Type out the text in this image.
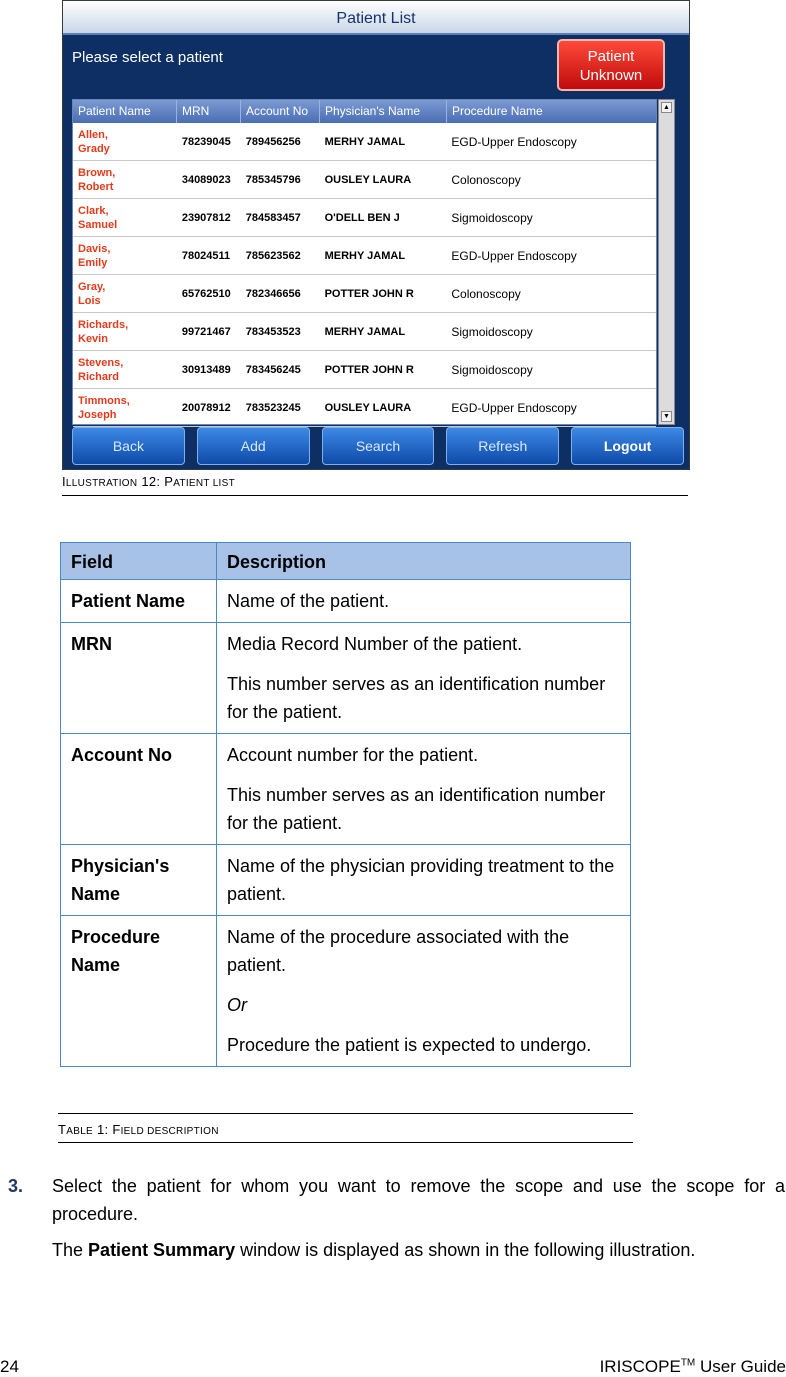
Patient List
Please select a patient	Patient
Unknown
Patient Name	MRN	Account No	Physician's Name	Procedure Name
Allen,
Grady
78239045	789456256	MERHY JAMAL	EGD-Upper Endoscopy
Brown,
Robert
34089023	785345796	OUSLEY LAURA	Colonoscopy
Clark,
Samuel
23907812	784583457	O'DELL BEN J	Sigmoidoscopy
Davis,
Emily
78024511	785623562	MERHY JAMAL	EGD-Upper Endoscopy
Gray,
Lois
65762510	782346656	POTTER JOHN R	Colonoscopy
Richards,
Kevin
99721467	783453523	MERHY JAMAL	Sigmoidoscopy
Stevens,
Richard
30913489	783456245	POTTER JOHN R	Sigmoidoscopy
Timmons,
Joseph
20078912	783523245	OUSLEY LAURA	EGD-Upper Endoscopy
▲
▼
Back	Add	Search	Refresh	Logout
ILLUSTRATION 12: PATIENT LIST
Field	Description
Patient Name	Name of the patient.

MRN	Media Record Number of the patient.

This number serves as an identification number for the patient.

Account No	Account number for the patient.

This number serves as an identification number for the patient.

Physician's Name	Name of the physician providing treatment to the patient.

Procedure Name	Name of the procedure associated with the patient.

Or

Procedure the patient is expected to undergo.

TABLE 1: FIELD DESCRIPTION
3. Select the patient for whom you want to remove the scope and use the scope for a procedure.
The Patient Summary window is displayed as shown in the following illustration.
24	IRISCOPE™ User Guide
